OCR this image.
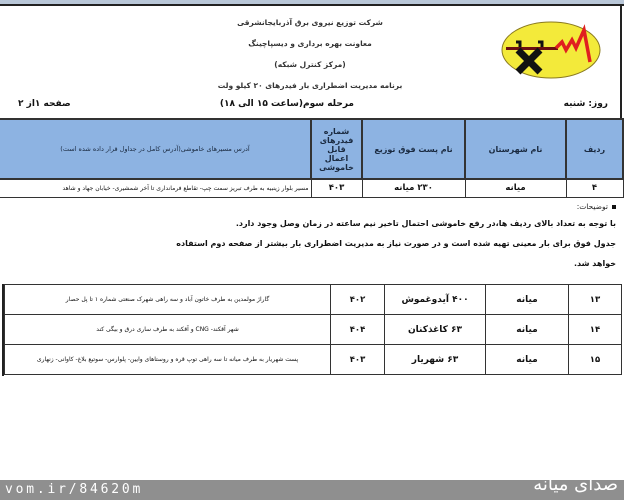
شرکت توزیع نیروی برق آذربایجانشرقی
معاونت بهره برداری و دیسپاچینگ
(مرکز کنترل شبکه)
برنامه مدیریت اضطراری بار فیدرهای ۲۰ کیلو ولت
روز: شنبه
مرحله سوم(ساعت ۱۵ الی ۱۸)
صفحه ۱از ۲
ردیف	نام شهرستان	نام پست فوق توزیع	شماره فیدرهای قابل اعمال خاموشی	آدرس مسیرهای خاموشی(آدرس کامل در جداول قرار داده شده است)
۴	میانه	۲۳۰ میانه	۴۰۳	مسیر بلوار زینبیه به طرف تبریز سمت چپ- تقاطع فرمانداری تا آخر شمشیری- خیابان جهاد و شاهد
توضیحات:
با توجه به تعداد بالای ردیف ها،در رفع خاموشی احتمال تاخیر نیم ساعته در زمان وصل وجود دارد.
جدول فوق برای بار معینی تهیه شده است و در صورت نیاز به مدیریت اضطراری بار بیشتر از صفحه دوم استفاده
خواهد شد.
۱۳	میانه	۴۰۰ آیدوغموش	۴۰۲	گاراژ مولمدین به طرف خاتون آباد و سه راهی شهرک صنعتی شماره ۱ تا پل حصار
۱۴	میانه	۶۳ کاغذکنان	۴۰۴	شهر آقکند- CNG و آقکند به طرف ساری درق و بیگی کند
۱۵	میانه	۶۳ شهریار	۴۰۳	پست شهریار به طرف میانه تا سه راهی توپ قره و روستاهای وایین- پلوارس- سوتیع بلاغ- کاوانی- زنهاری
vom.ir/84620m	صدای میانه
